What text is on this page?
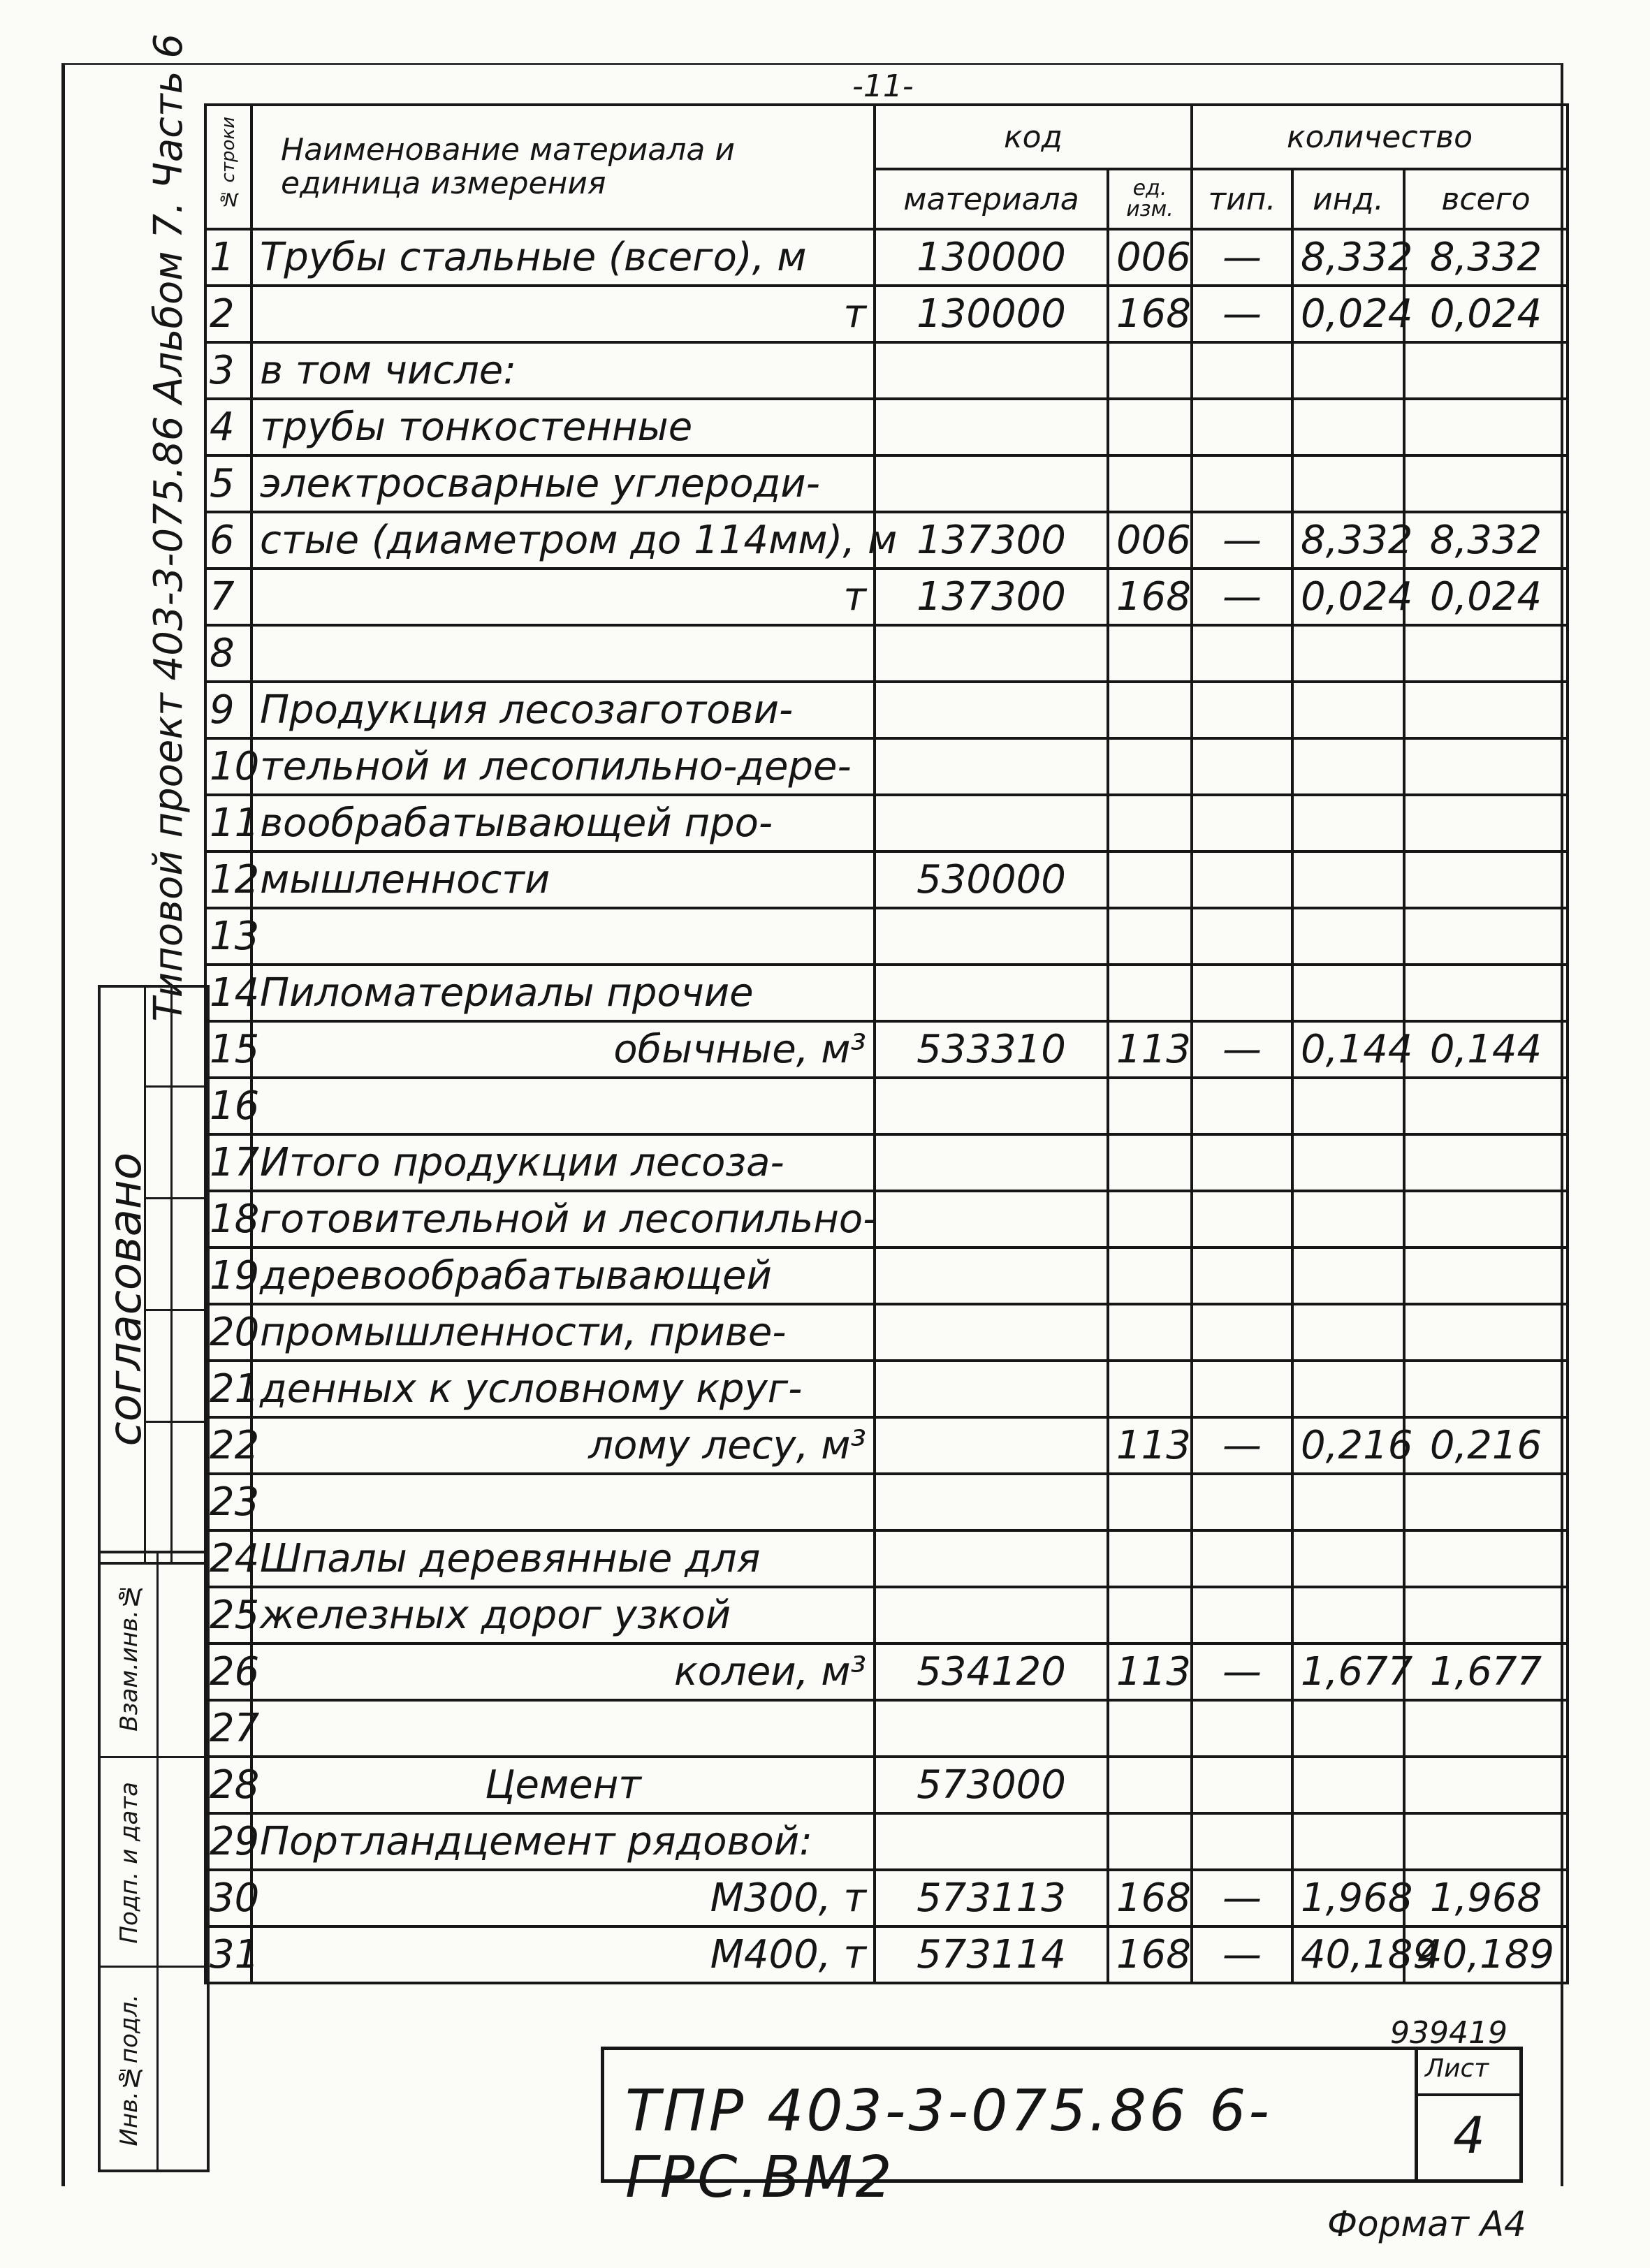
-11-
Типовой проект 403-3-075.86 Альбом 7. Часть 6
согласовано
Взам.инв.№
Подп. и дата
Инв.№подл.
№ строки	Наименование материала и единица измерения	код		количество		
		материала	ед. изм.	тип.	инд.	всего
1	Трубы стальные (всего), м	130000	006	—	8,332	8,332
2	т	130000	168	—	0,024	0,024
3	в том числе:					
4	трубы тонкостенные					
5	электросварные углероди-					
6	стые (диаметром до 114мм), м	137300	006	—	8,332	8,332
7	т	137300	168	—	0,024	0,024
8						
9	Продукция лесозаготови-					
10	тельной и лесопильно-дере-					
11	вообрабатывающей про-					
12	мышленности	530000				
13						
14	Пиломатериалы прочие					
15	обычные, м³	533310	113	—	0,144	0,144
16						
17	Итого продукции лесоза-					
18	готовительной и лесопильно-					
19	деревообрабатывающей					
20	промышленности, приве-					
21	денных к условному круг-					
22	лому лесу, м³		113	—	0,216	0,216
23						
24	Шпалы деревянные для					
25	железных дорог узкой					
26	колеи, м³	534120	113	—	1,677	1,677
27						
28	Цемент	573000				
29	Портландцемент рядовой:					
30	М300, т	573113	168	—	1,968	1,968
31	М400, т	573114	168	—	40,189	40,189
939419
ТПР 403-3-075.86 6-ГРС.ВМ2
Лист
4
Формат А4
